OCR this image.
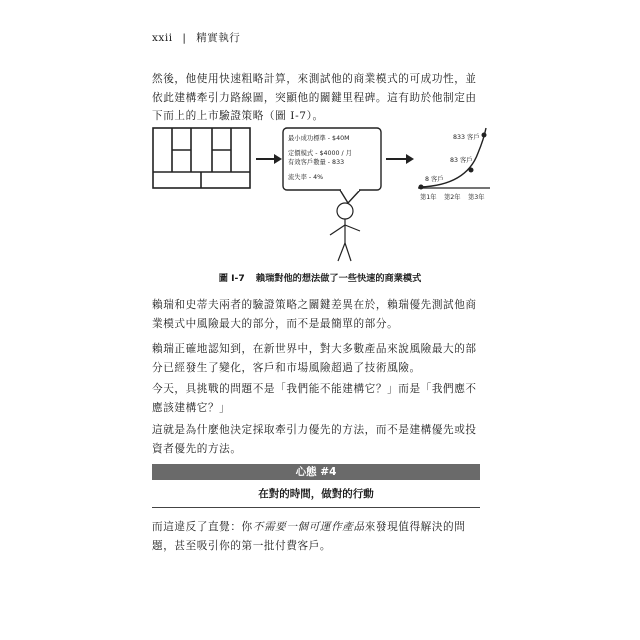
xxii | 精實執行
然後，他使用快速粗略計算，來測試他的商業模式的可成功性，並依此建構牽引力路線圖，突顯他的關鍵里程碑。這有助於他制定由下而上的上市驗證策略（圖 I-7）。
最小成功標準 - $40M
定價模式 - $4000 / 月
有效客戶數量 - 833
流失率 - 4%
833 客戶
83 客戶
8 客戶
第1年 第2年 第3年
圖 I-7 賴瑞對他的想法做了一些快速的商業模式
賴瑞和史蒂夫兩者的驗證策略之關鍵差異在於，賴瑞優先測試他商業模式中風險最大的部分，而不是最簡單的部分。
賴瑞正確地認知到，在新世界中，對大多數產品來說風險最大的部分已經發生了變化，客戶和市場風險超過了技術風險。
今天，具挑戰的問題不是「我們能不能建構它？」而是「我們應不應該建構它？」
這就是為什麼他決定採取牽引力優先的方法，而不是建構優先或投資者優先的方法。
心態 #4
在對的時間，做對的行動
而這違反了直覺：你不需要一個可運作產品來發現值得解決的問題，甚至吸引你的第一批付費客戶。
